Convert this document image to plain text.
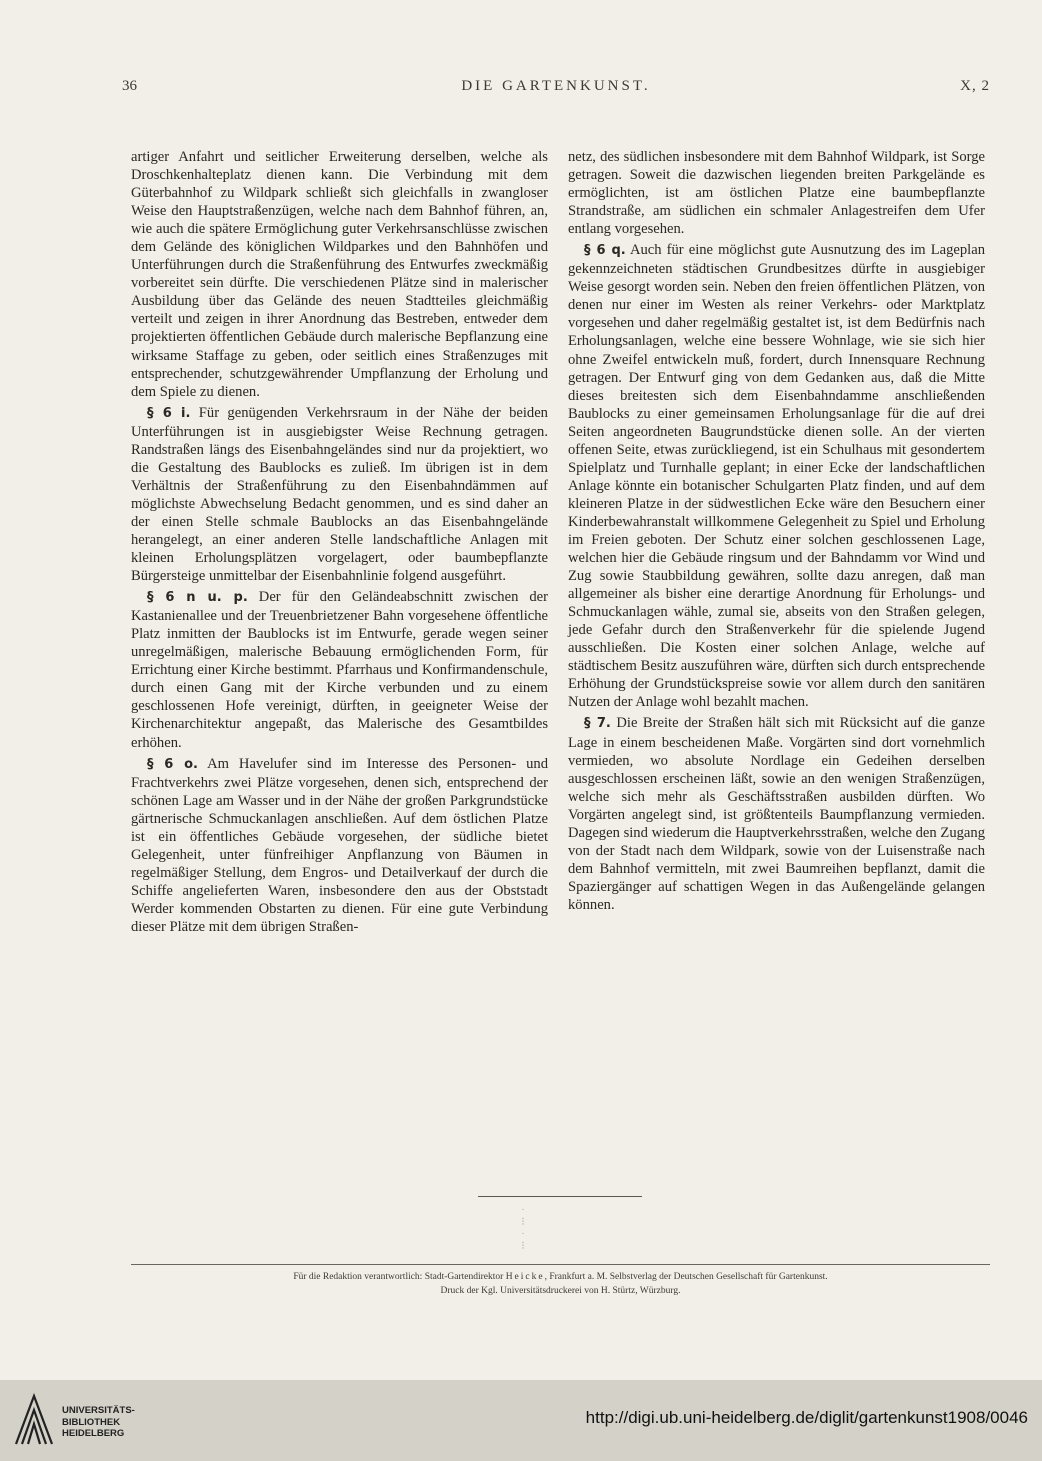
36	DIE GARTENKUNST.	X, 2

artiger Anfahrt und seitlicher Erweiterung derselben, welche als Droschkenhalteplatz dienen kann. Die Verbindung mit dem Güterbahnhof zu Wildpark schließt sich gleichfalls in zwangloser Weise den Hauptstraßenzügen, welche nach dem Bahnhof führen, an, wie auch die spätere Ermöglichung guter Verkehrsanschlüsse zwischen dem Gelände des königlichen Wildparkes und den Bahnhöfen und Unterführungen durch die Straßenführung des Entwurfes zweckmäßig vorbereitet sein dürfte. Die verschiedenen Plätze sind in malerischer Ausbildung über das Gelände des neuen Stadtteiles gleichmäßig verteilt und zeigen in ihrer Anordnung das Bestreben, entweder dem projektierten öffentlichen Gebäude durch malerische Bepflanzung eine wirksame Staffage zu geben, oder seitlich eines Straßenzuges mit entsprechender, schutzgewährender Umpflanzung der Erholung und dem Spiele zu dienen.

§ 6 i. Für genügenden Verkehrsraum in der Nähe der beiden Unterführungen ist in ausgiebigster Weise Rechnung getragen. Randstraßen längs des Eisenbahngeländes sind nur da projektiert, wo die Gestaltung des Baublocks es zuließ. Im übrigen ist in dem Verhältnis der Straßenführung zu den Eisenbahndämmen auf möglichste Abwechselung Bedacht genommen, und es sind daher an der einen Stelle schmale Baublocks an das Eisenbahngelände herangelegt, an einer anderen Stelle landschaftliche Anlagen mit kleinen Erholungsplätzen vorgelagert, oder baumbepflanzte Bürgersteige unmittelbar der Eisenbahnlinie folgend ausgeführt.

§ 6 n u. p. Der für den Geländeabschnitt zwischen der Kastanienallee und der Treuenbrietzener Bahn vorgesehene öffentliche Platz inmitten der Baublocks ist im Entwurfe, gerade wegen seiner unregelmäßigen, malerische Bebauung ermöglichenden Form, für Errichtung einer Kirche bestimmt. Pfarrhaus und Konfirmandenschule, durch einen Gang mit der Kirche verbunden und zu einem geschlossenen Hofe vereinigt, dürften, in geeigneter Weise der Kirchenarchitektur angepaßt, das Malerische des Gesamtbildes erhöhen.

§ 6 o. Am Havelufer sind im Interesse des Personen- und Frachtverkehrs zwei Plätze vorgesehen, denen sich, entsprechend der schönen Lage am Wasser und in der Nähe der großen Parkgrundstücke gärtnerische Schmuckanlagen anschließen. Auf dem östlichen Platze ist ein öffentliches Gebäude vorgesehen, der südliche bietet Gelegenheit, unter fünfreihiger Anpflanzung von Bäumen in regelmäßiger Stellung, dem Engros- und Detailverkauf der durch die Schiffe angelieferten Waren, insbesondere den aus der Obststadt Werder kommenden Obstarten zu dienen. Für eine gute Verbindung dieser Plätze mit dem übrigen Straßen-

netz, des südlichen insbesondere mit dem Bahnhof Wildpark, ist Sorge getragen. Soweit die dazwischen liegenden breiten Parkgelände es ermöglichten, ist am östlichen Platze eine baumbepflanzte Strandstraße, am südlichen ein schmaler Anlagestreifen dem Ufer entlang vorgesehen.

§ 6 q. Auch für eine möglichst gute Ausnutzung des im Lageplan gekennzeichneten städtischen Grundbesitzes dürfte in ausgiebiger Weise gesorgt worden sein. Neben den freien öffentlichen Plätzen, von denen nur einer im Westen als reiner Verkehrs- oder Marktplatz vorgesehen und daher regelmäßig gestaltet ist, ist dem Bedürfnis nach Erholungsanlagen, welche eine bessere Wohnlage, wie sie sich hier ohne Zweifel entwickeln muß, fordert, durch Innensquare Rechnung getragen. Der Entwurf ging von dem Gedanken aus, daß die Mitte dieses breitesten sich dem Eisenbahndamme anschließenden Baublocks zu einer gemeinsamen Erholungsanlage für die auf drei Seiten angeordneten Baugrundstücke dienen solle. An der vierten offenen Seite, etwas zurückliegend, ist ein Schulhaus mit gesondertem Spielplatz und Turnhalle geplant; in einer Ecke der landschaftlichen Anlage könnte ein botanischer Schulgarten Platz finden, und auf dem kleineren Platze in der südwestlichen Ecke wäre den Besuchern einer Kinderbewahranstalt willkommene Gelegenheit zu Spiel und Erholung im Freien geboten. Der Schutz einer solchen geschlossenen Lage, welchen hier die Gebäude ringsum und der Bahndamm vor Wind und Zug sowie Staubbildung gewähren, sollte dazu anregen, daß man allgemeiner als bisher eine derartige Anordnung für Erholungs- und Schmuckanlagen wähle, zumal sie, abseits von den Straßen gelegen, jede Gefahr durch den Straßenverkehr für die spielende Jugend ausschließen. Die Kosten einer solchen Anlage, welche auf städtischem Besitz auszuführen wäre, dürften sich durch entsprechende Erhöhung der Grundstückspreise sowie vor allem durch den sanitären Nutzen der Anlage wohl bezahlt machen.

§ 7. Die Breite der Straßen hält sich mit Rücksicht auf die ganze Lage in einem bescheidenen Maße. Vorgärten sind dort vornehmlich vermieden, wo absolute Nordlage ein Gedeihen derselben ausgeschlossen erscheinen läßt, sowie an den wenigen Straßenzügen, welche sich mehr als Geschäftsstraßen ausbilden dürften. Wo Vorgärten angelegt sind, ist größtenteils Baumpflanzung vermieden. Dagegen sind wiederum die Hauptverkehrsstraßen, welche den Zugang von der Stadt nach dem Wildpark, sowie von der Luisenstraße nach dem Bahnhof vermitteln, mit zwei Baumreihen bepflanzt, damit die Spaziergänger auf schattigen Wegen in das Außengelände gelangen können.

·
⁝
·
⁝
Für die Redaktion verantwortlich: Stadt-Gartendirektor Heicke, Frankfurt a. M. Selbstverlag der Deutschen Gesellschaft für Gartenkunst.
Druck der Kgl. Universitätsdruckerei von H. Stürtz, Würzburg.
UNIVERSITÄTS-
BIBLIOTHEK
HEIDELBERG
http://digi.ub.uni-heidelberg.de/diglit/gartenkunst1908/0046
